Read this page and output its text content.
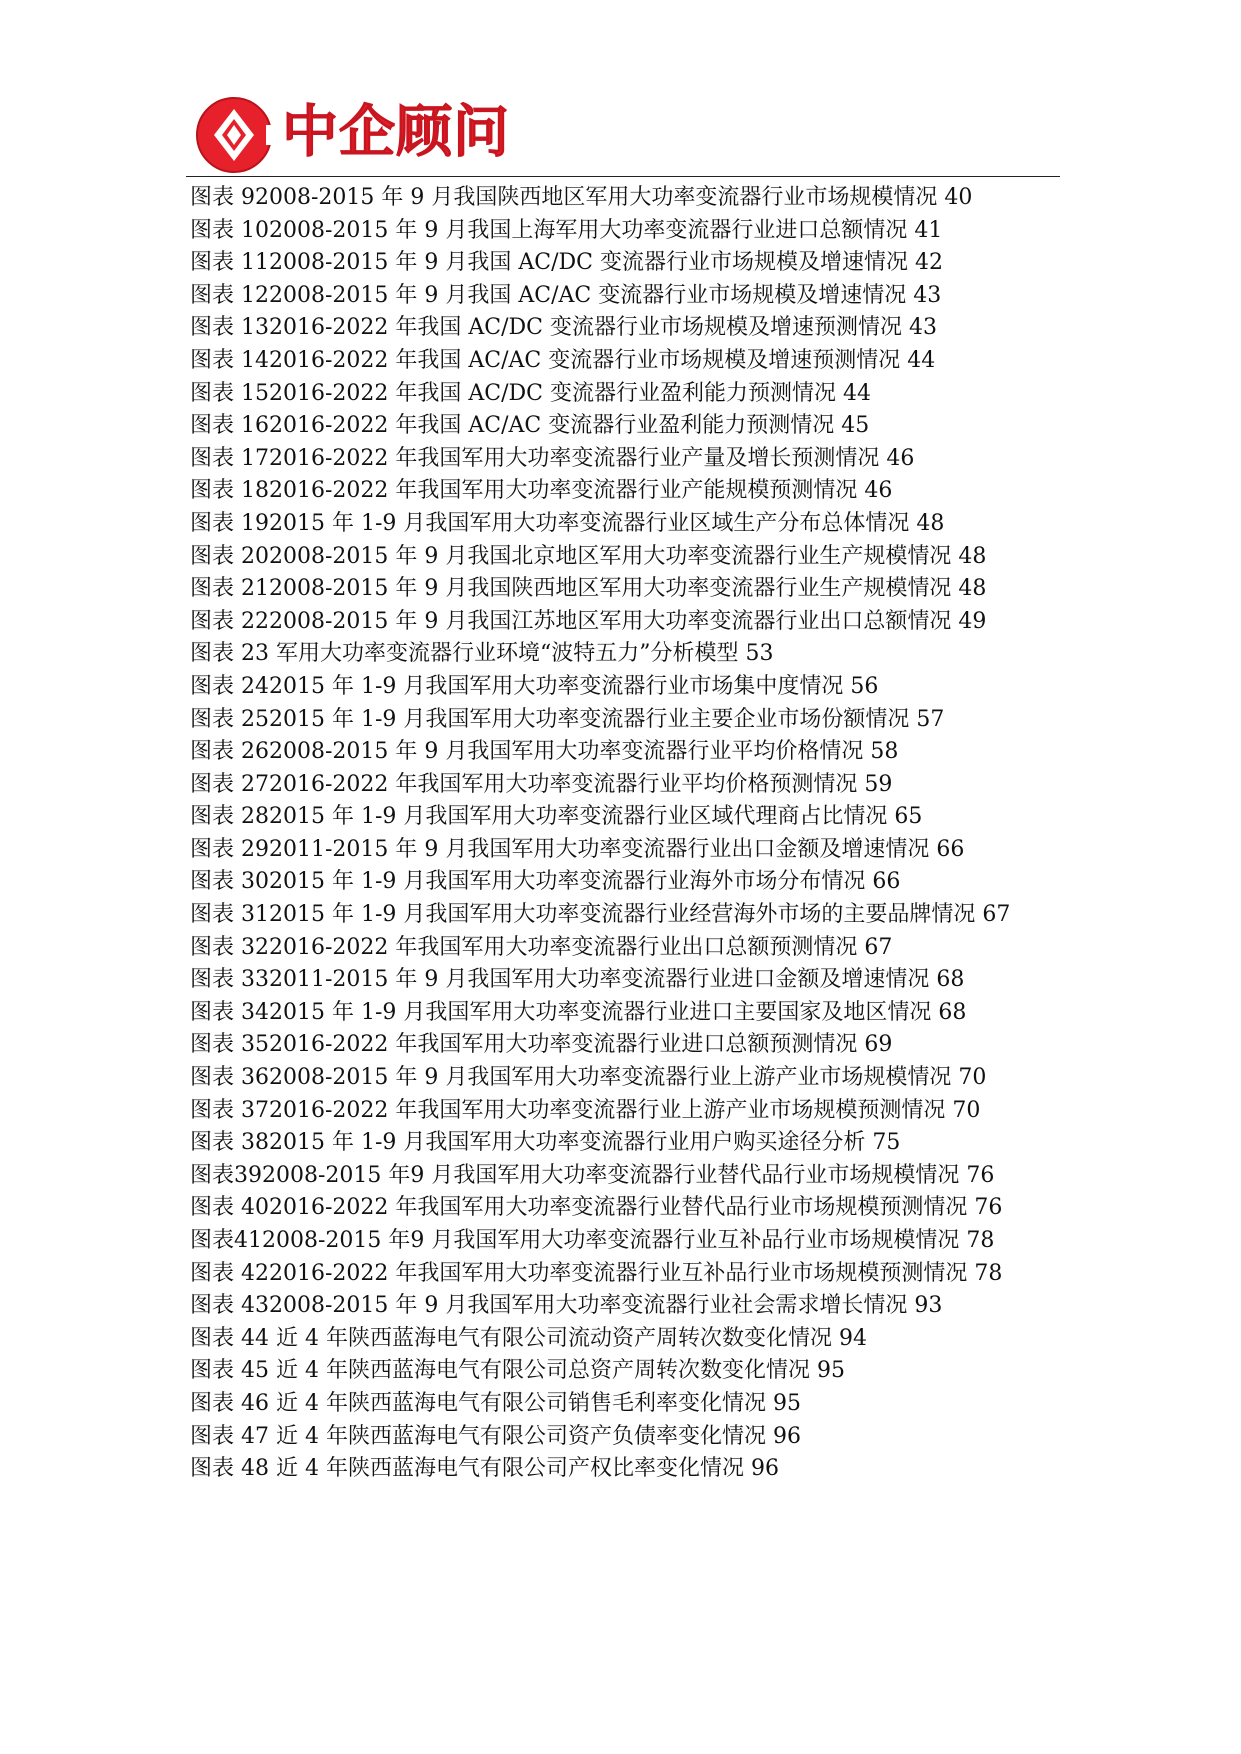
中企顾问
图表 92008-2015 年 9 月我国陕西地区军用大功率变流器行业市场规模情况 40
图表 102008-2015 年 9 月我国上海军用大功率变流器行业进口总额情况 41
图表 112008-2015 年 9 月我国 AC/DC 变流器行业市场规模及增速情况 42
图表 122008-2015 年 9 月我国 AC/AC 变流器行业市场规模及增速情况 43
图表 132016-2022 年我国 AC/DC 变流器行业市场规模及增速预测情况 43
图表 142016-2022 年我国 AC/AC 变流器行业市场规模及增速预测情况 44
图表 152016-2022 年我国 AC/DC 变流器行业盈利能力预测情况 44
图表 162016-2022 年我国 AC/AC 变流器行业盈利能力预测情况 45
图表 172016-2022 年我国军用大功率变流器行业产量及增长预测情况 46
图表 182016-2022 年我国军用大功率变流器行业产能规模预测情况 46
图表 192015 年 1-9 月我国军用大功率变流器行业区域生产分布总体情况 48
图表 202008-2015 年 9 月我国北京地区军用大功率变流器行业生产规模情况 48
图表 212008-2015 年 9 月我国陕西地区军用大功率变流器行业生产规模情况 48
图表 222008-2015 年 9 月我国江苏地区军用大功率变流器行业出口总额情况 49
图表 23 军用大功率变流器行业环境“波特五力”分析模型 53
图表 242015 年 1-9 月我国军用大功率变流器行业市场集中度情况 56
图表 252015 年 1-9 月我国军用大功率变流器行业主要企业市场份额情况 57
图表 262008-2015 年 9 月我国军用大功率变流器行业平均价格情况 58
图表 272016-2022 年我国军用大功率变流器行业平均价格预测情况 59
图表 282015 年 1-9 月我国军用大功率变流器行业区域代理商占比情况 65
图表 292011-2015 年 9 月我国军用大功率变流器行业出口金额及增速情况 66
图表 302015 年 1-9 月我国军用大功率变流器行业海外市场分布情况 66
图表 312015 年 1-9 月我国军用大功率变流器行业经营海外市场的主要品牌情况 67
图表 322016-2022 年我国军用大功率变流器行业出口总额预测情况 67
图表 332011-2015 年 9 月我国军用大功率变流器行业进口金额及增速情况 68
图表 342015 年 1-9 月我国军用大功率变流器行业进口主要国家及地区情况 68
图表 352016-2022 年我国军用大功率变流器行业进口总额预测情况 69
图表 362008-2015 年 9 月我国军用大功率变流器行业上游产业市场规模情况 70
图表 372016-2022 年我国军用大功率变流器行业上游产业市场规模预测情况 70
图表 382015 年 1-9 月我国军用大功率变流器行业用户购买途径分析 75
图表392008-2015 年9 月我国军用大功率变流器行业替代品行业市场规模情况 76
图表 402016-2022 年我国军用大功率变流器行业替代品行业市场规模预测情况 76
图表412008-2015 年9 月我国军用大功率变流器行业互补品行业市场规模情况 78
图表 422016-2022 年我国军用大功率变流器行业互补品行业市场规模预测情况 78
图表 432008-2015 年 9 月我国军用大功率变流器行业社会需求增长情况 93
图表 44 近 4 年陕西蓝海电气有限公司流动资产周转次数变化情况 94
图表 45 近 4 年陕西蓝海电气有限公司总资产周转次数变化情况 95
图表 46 近 4 年陕西蓝海电气有限公司销售毛利率变化情况 95
图表 47 近 4 年陕西蓝海电气有限公司资产负债率变化情况 96
图表 48 近 4 年陕西蓝海电气有限公司产权比率变化情况 96
